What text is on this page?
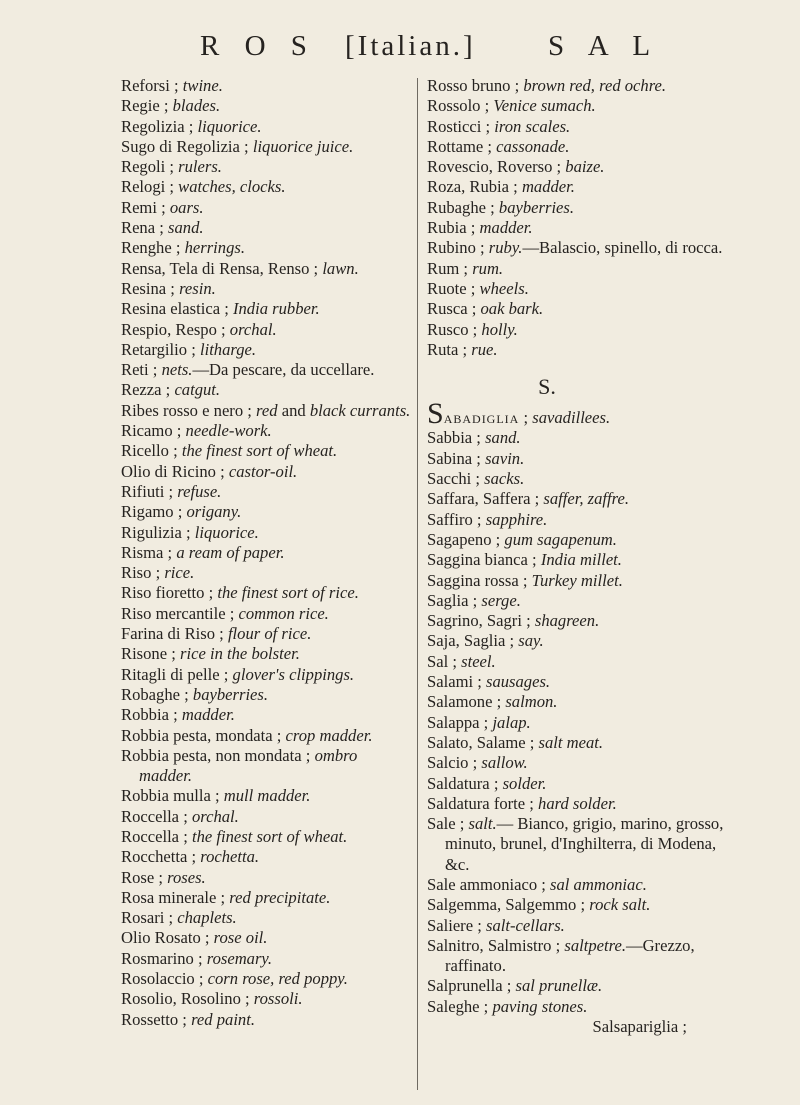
R O S [Italian.] S A L
Reforsi ; twine.
Regie ; blades.
Regolizia ; liquorice.
Sugo di Regolizia ; liquorice juice.
Regoli ; rulers.
Relogi ; watches, clocks.
Remi ; oars.
Rena ; sand.
Renghe ; herrings.
Rensa, Tela di Rensa, Renso ; lawn.
Resina ; resin.
Resina elastica ; India rubber.
Respio, Respo ; orchal.
Retargilio ; litharge.
Reti ; nets.—Da pescare, da uccellare.
Rezza ; catgut.
Ribes rosso e nero ; red and black currants.
Ricamo ; needle-work.
Ricello ; the finest sort of wheat.
Olio di Ricino ; castor-oil.
Rifiuti ; refuse.
Rigamo ; origany.
Rigulizia ; liquorice.
Risma ; a ream of paper.
Riso ; rice.
Riso fioretto ; the finest sort of rice.
Riso mercantile ; common rice.
Farina di Riso ; flour of rice.
Risone ; rice in the bolster.
Ritagli di pelle ; glover's clippings.
Robaghe ; bayberries.
Robbia ; madder.
Robbia pesta, mondata ; crop madder.
Robbia pesta, non mondata ; ombro madder.
Robbia mulla ; mull madder.
Roccella ; orchal.
Roccella ; the finest sort of wheat.
Rocchetta ; rochetta.
Rose ; roses.
Rosa minerale ; red precipitate.
Rosari ; chaplets.
Olio Rosato ; rose oil.
Rosmarino ; rosemary.
Rosolaccio ; corn rose, red poppy.
Rosolio, Rosolino ; rossoli.
Rossetto ; red paint.
Rosso bruno ; brown red, red ochre.
Rossolo ; Venice sumach.
Rosticci ; iron scales.
Rottame ; cassonade.
Rovescio, Roverso ; baize.
Roza, Rubia ; madder.
Rubaghe ; bayberries.
Rubia ; madder.
Rubino ; ruby.—Balascio, spinello, di rocca.
Rum ; rum.
Ruote ; wheels.
Rusca ; oak bark.
Rusco ; holly.
Ruta ; rue.
S.
Sabadiglia ; savadillees.
Sabbia ; sand.
Sabina ; savin.
Sacchi ; sacks.
Saffara, Saffera ; saffer, zaffre.
Saffiro ; sapphire.
Sagapeno ; gum sagapenum.
Saggina bianca ; India millet.
Saggina rossa ; Turkey millet.
Saglia ; serge.
Sagrino, Sagri ; shagreen.
Saja, Saglia ; say.
Sal ; steel.
Salami ; sausages.
Salamone ; salmon.
Salappa ; jalap.
Salato, Salame ; salt meat.
Salcio ; sallow.
Saldatura ; solder.
Saldatura forte ; hard solder.
Sale ; salt.— Bianco, grigio, marino, grosso, minuto, brunel, d'Inghilterra, di Modena, &c.
Sale ammoniaco ; sal ammoniac.
Salgemma, Salgemmo ; rock salt.
Saliere ; salt-cellars.
Salnitro, Salmistro ; saltpetre.—Grezzo, raffinato.
Salprunella ; sal prunellæ.
Saleghe ; paving stones.
Salsapariglia ;
